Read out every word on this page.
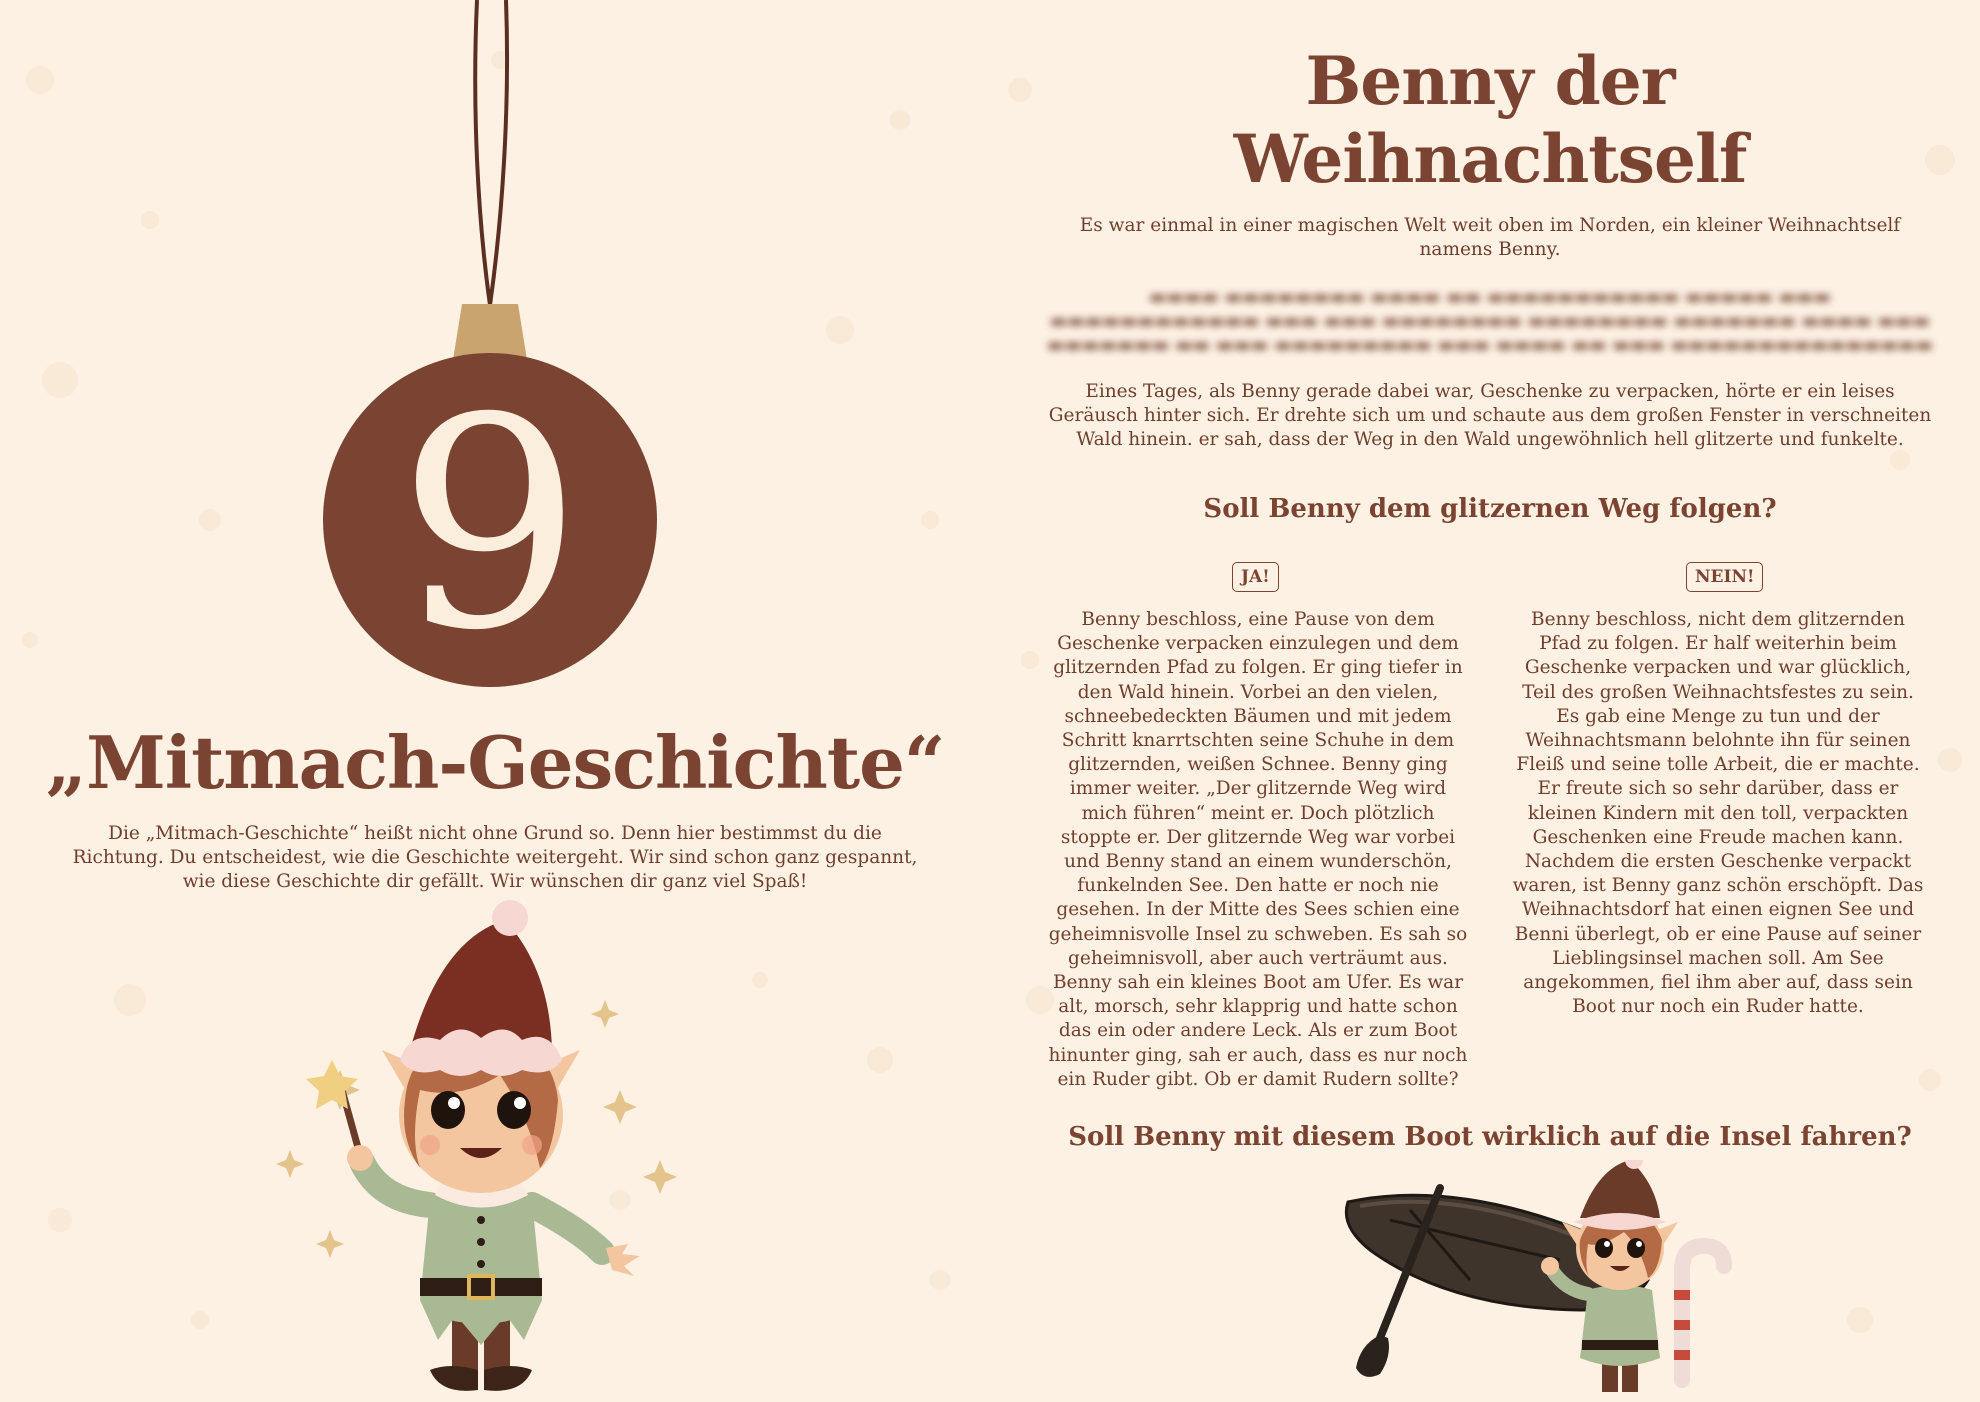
9
„Mitmach-Geschichte“

Die „Mitmach-Geschichte“ heißt nicht ohne Grund so. Denn hier bestimmst du die Richtung. Du entscheidest, wie die Geschichte weitergeht. Wir sind schon ganz gespannt, wie diese Geschichte dir gefällt. Wir wünschen dir ganz viel Spaß!

Benny der
Weihnachtself

Es war einmal in einer magischen Welt weit oben im Norden, ein kleiner Weihnachtself namens Benny.

▬▬▬▬ ▬▬▬▬▬▬▬▬ ▬▬▬▬ ▬▬ ▬▬▬▬▬▬▬▬▬▬▬ ▬▬▬▬▬ ▬▬▬ ▬▬▬▬▬▬▬▬▬▬▬▬ ▬▬▬ ▬▬▬ ▬▬▬▬▬▬▬▬ ▬▬▬▬▬▬▬▬ ▬▬▬▬▬▬▬ ▬▬▬▬ ▬▬▬ ▬▬▬▬▬▬▬ ▬▬ ▬▬▬ ▬▬▬▬▬▬▬▬▬ ▬▬▬ ▬▬▬▬ ▬▬ ▬▬▬ ▬▬▬▬▬▬▬▬▬▬▬▬▬▬▬

Eines Tages, als Benny gerade dabei war, Geschenke zu verpacken, hörte er ein leises Geräusch hinter sich. Er drehte sich um und schaute aus dem großen Fenster in verschneiten Wald hinein. er sah, dass der Weg in den Wald ungewöhnlich hell glitzerte und funkelte.

Soll Benny dem glitzernen Weg folgen?
JA!	NEIN!

Benny beschloss, eine Pause von dem Geschenke verpacken einzulegen und dem glitzernden Pfad zu folgen. Er ging tiefer in den Wald hinein. Vorbei an den vielen, schneebedeckten Bäumen und mit jedem Schritt knarrtschten seine Schuhe in dem glitzernden, weißen Schnee. Benny ging immer weiter. „Der glitzernde Weg wird mich führen“ meint er. Doch plötzlich stoppte er. Der glitzernde Weg war vorbei und Benny stand an einem wunderschön, funkelnden See. Den hatte er noch nie gesehen. In der Mitte des Sees schien eine geheimnisvolle Insel zu schweben. Es sah so geheimnisvoll, aber auch verträumt aus. Benny sah ein kleines Boot am Ufer. Es war alt, morsch, sehr klapprig und hatte schon das ein oder andere Leck. Als er zum Boot hinunter ging, sah er auch, dass es nur noch ein Ruder gibt. Ob er damit Rudern sollte?

Benny beschloss, nicht dem glitzernden Pfad zu folgen. Er half weiterhin beim Geschenke verpacken und war glücklich, Teil des großen Weihnachtsfestes zu sein. Es gab eine Menge zu tun und der Weihnachtsmann belohnte ihn für seinen Fleiß und seine tolle Arbeit, die er machte. Er freute sich so sehr darüber, dass er kleinen Kindern mit den toll, verpackten Geschenken eine Freude machen kann.
Nachdem die ersten Geschenke verpackt waren, ist Benny ganz schön erschöpft. Das Weihnachtsdorf hat einen eignen See und Benni überlegt, ob er eine Pause auf seiner Lieblingsinsel machen soll. Am See angekommen, fiel ihm aber auf, dass sein Boot nur noch ein Ruder hatte.
Soll Benny mit diesem Boot wirklich auf die Insel fahren?
